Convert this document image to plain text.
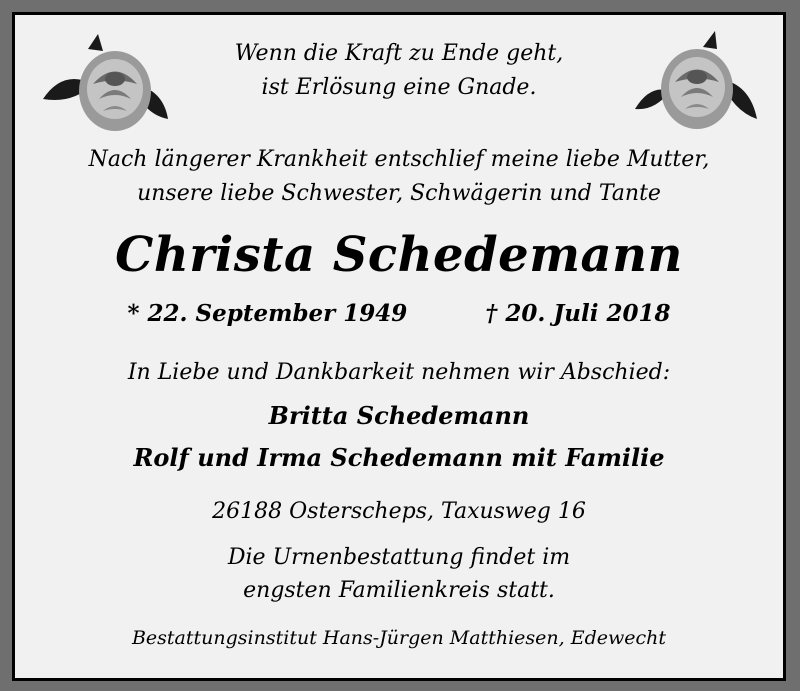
Wenn die Kraft zu Ende geht,
ist Erlösung eine Gnade.
Nach längerer Krankheit entschlief meine liebe Mutter,
unsere liebe Schwester, Schwägerin und Tante
Christa Schedemann
* 22. September 1949	† 20. Juli 2018
In Liebe und Dankbarkeit nehmen wir Abschied:
Britta Schedemann
Rolf und Irma Schedemann mit Familie
26188 Osterscheps, Taxusweg 16
Die Urnenbestattung findet im
engsten Familienkreis statt.
Bestattungsinstitut Hans-Jürgen Matthiesen, Edewecht
